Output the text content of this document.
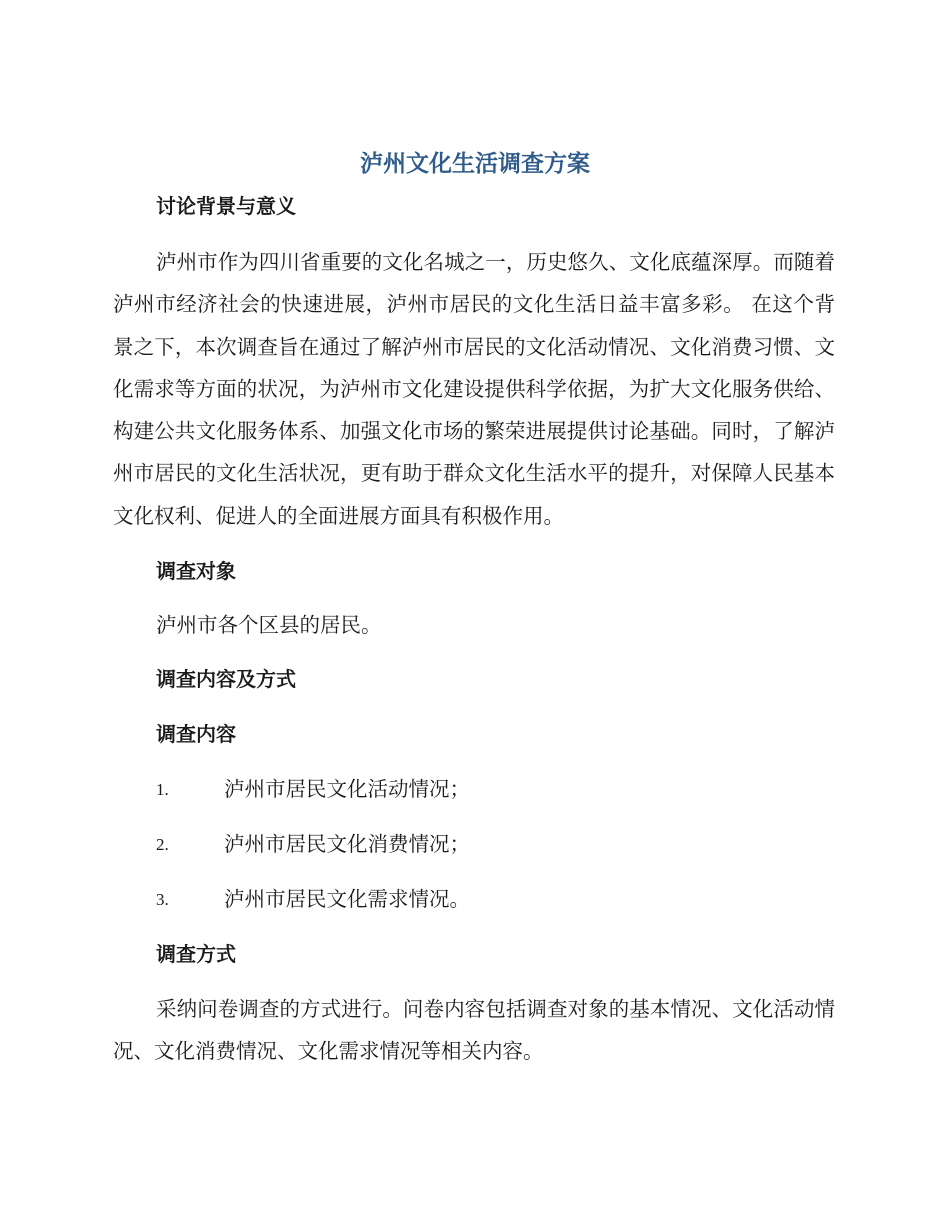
泸州文化生活调查方案
讨论背景与意义

泸州市作为四川省重要的文化名城之一，历史悠久、文化底蕴深厚。而随着泸州市经济社会的快速进展，泸州市居民的文化生活日益丰富多彩。 在这个背景之下，本次调查旨在通过了解泸州市居民的文化活动情况、文化消费习惯、文化需求等方面的状况，为泸州市文化建设提供科学依据，为扩大文化服务供给、构建公共文化服务体系、加强文化市场的繁荣进展提供讨论基础。同时，了解泸州市居民的文化生活状况，更有助于群众文化生活水平的提升，对保障人民基本文化权利、促进人的全面进展方面具有积极作用。

调查对象
泸州市各个区县的居民。
调查内容及方式
调查内容
1.	泸州市居民文化活动情况；
2.	泸州市居民文化消费情况；
3.	泸州市居民文化需求情况。
调查方式

采纳问卷调查的方式进行。问卷内容包括调查对象的基本情况、文化活动情况、文化消费情况、文化需求情况等相关内容。
